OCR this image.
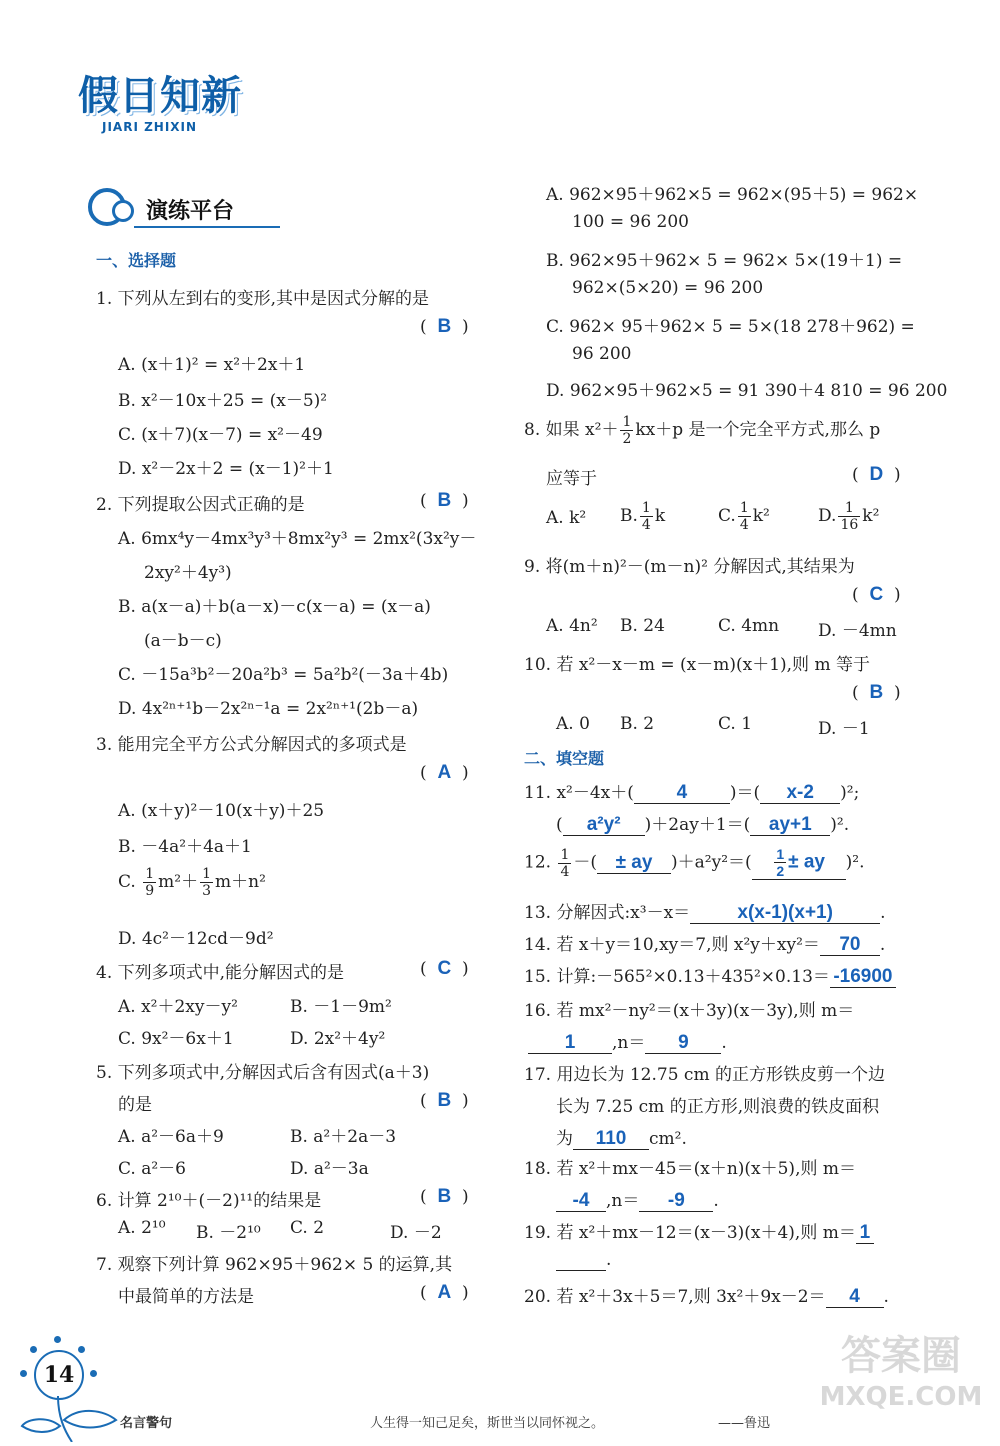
假日知新
JIARI ZHIXIN
演练平台
一、选择题
1. 下列从左到右的变形,其中是因式分解的是
(  B  )
A. (x＋1)² = x²＋2x＋1
B. x²－10x＋25 = (x－5)²
C. (x＋7)(x－7) = x²－49
D. x²－2x＋2 = (x－1)²＋1
2. 下列提取公因式正确的是	(  B  )
A. 6mx⁴y－4mx³y³＋8mx²y³ = 2mx²(3x²y－
2xy²＋4y³)
B. a(x－a)＋b(a－x)－c(x－a) = (x－a)
(a－b－c)
C. －15a³b²－20a²b³ = 5a²b²(－3a＋4b)
D. 4x²ⁿ⁺¹b－2x²ⁿ⁻¹a = 2x²ⁿ⁺¹(2b－a)
3. 能用完全平方公式分解因式的多项式是
(  A  )
A. (x＋y)²－10(x＋y)＋25
B. －4a²＋4a＋1
C. $\frac{1}{9} m^2+ \frac{1}{3} m+n^2$
D. 4c²－12cd－9d²
4. 下列多项式中,能分解因式的是	(  C  )
A. x²＋2xy－y²	B. －1－9m²
C. 9x²－6x＋1	D. 2x²＋4y²
5. 下列多项式中,分解因式后含有因式(a＋3)
的是	(  B  )
A. a²－6a＋9	B. a²＋2a－3
C. a²－6	D. a²－3a
6. 计算 2¹⁰＋(－2)¹¹的结果是	(  B  )
A. 2¹⁰ B. －2¹⁰ C. 2	D. －2
7. 观察下列计算 962×95＋962× 5 的运算,其
中最简单的方法是	(  A  )
A. 962×95＋962×5 = 962×(95＋5) = 962×
100 = 96 200
B. 962×95＋962× 5 = 962× 5×(19＋1) =
962×(5×20) = 96 200
C. 962× 95＋962× 5 = 5×(18 278＋962) =
96 200
D. 962×95＋962×5 = 91 390＋4 810 = 96 200
8. 如果 $x^2+ \frac{1}{2} kx+p$ 是一个完全平方式,那么 p
应等于	(  D  )
A. k² B. $\frac{1}{4}$ k	C. $\frac{1}{4} k^2$	D. $\frac{1}{16} k^2$
9. 将(m＋n)²－(m－n)² 分解因式,其结果为
(  C  )
A. 4n² B. 24	C. 4mn D. －4mn
10. 若 x²－x－m = (x－m)(x＋1),则 m 等于
(  B  )
A. 0 B. 2	C. 1	D. －1
二、填空题
11. x²－4x＋( 4	)＝( x-2 )²;
( a²y² )＋2ay＋1＝( ay+1 )².
12. $\frac{1}{4}$ －( ± ay )$+a^2y^2=( \frac{1}{2}$ ± ay )².
13. 分解因式:x³－x＝ x(x-1)(x+1)	.
14. 若 x＋y＝10,xy＝7,则 x²y＋xy²＝ 70 .
15. 计算:－565²×0.13＋435²×0.13＝ -16900
16. 若 mx²－ny²＝(x＋3y)(x－3y),则 m＝
1 ,n＝ 9 .
17. 用边长为 12.75 cm 的正方形铁皮剪一个边
长为 7.25 cm 的正方形,则浪费的铁皮面积
为 110 cm².
18. 若 x²＋mx－45＝(x＋n)(x＋5),则 m＝
-4 ,n＝ -9 .
19. 若 x²＋mx－12＝(x－3)(x＋4),则 m＝ 1
.
20. 若 x²＋3x＋5＝7,则 3x²＋9x－2＝ 4 .
14
名言警句	人生得一知己足矣，斯世当以同怀视之。	——鲁迅
答案圈
MXQE.COM
